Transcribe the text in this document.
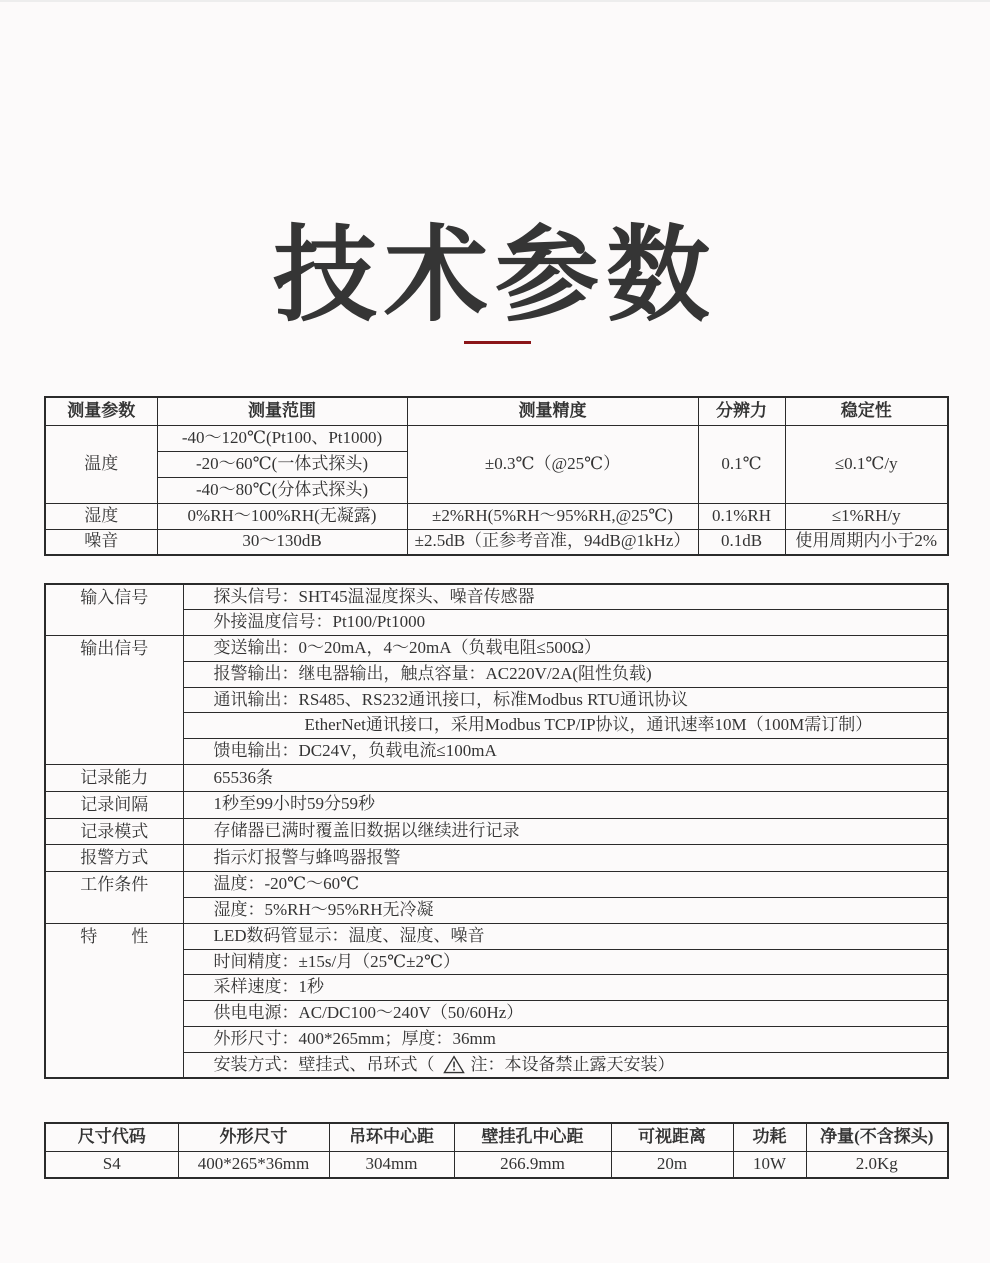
技术参数
测量参数	测量范围	测量精度	分辨力	稳定性
温度	-40～120℃(Pt100、Pt1000)	±0.3℃（@25℃）	0.1℃	≤0.1℃/y
	-20～60℃(一体式探头)			
	-40～80℃(分体式探头)			
湿度	0%RH～100%RH(无凝露)	±2%RH(5%RH～95%RH,@25℃)	0.1%RH	≤1%RH/y
噪音	30～130dB	±2.5dB（正参考音准，94dB@1kHz）	0.1dB	使用周期内小于2%
输入信号	探头信号：SHT45温湿度探头、噪音传感器
	外接温度信号：Pt100/Pt1000
输出信号	变送输出：0～20mA，4～20mA（负载电阻≤500Ω）
	报警输出：继电器输出，触点容量：AC220V/2A(阻性负载)
	通讯输出：RS485、RS232通讯接口，标准Modbus RTU通讯协议
	EtherNet通讯接口，采用Modbus TCP/IP协议，通讯速率10M（100M需订制）
	馈电输出：DC24V，负载电流≤100mA
记录能力	65536条
记录间隔	1秒至99小时59分59秒
记录模式	存储器已满时覆盖旧数据以继续进行记录
报警方式	指示灯报警与蜂鸣器报警
工作条件	温度：-20℃～60℃
	湿度：5%RH～95%RH无冷凝
特　　性	LED数码管显示：温度、湿度、噪音
	时间精度：±15s/月（25℃±2℃）
	采样速度：1秒
	供电电源：AC/DC100～240V（50/60Hz）
	外形尺寸：400*265mm；厚度：36mm
	安装方式：壁挂式、吊环式（ 注：本设备禁止露天安装）
尺寸代码	外形尺寸	吊环中心距	壁挂孔中心距	可视距离	功耗	净量(不含探头)
S4	400*265*36mm	304mm	266.9mm	20m	10W	2.0Kg
